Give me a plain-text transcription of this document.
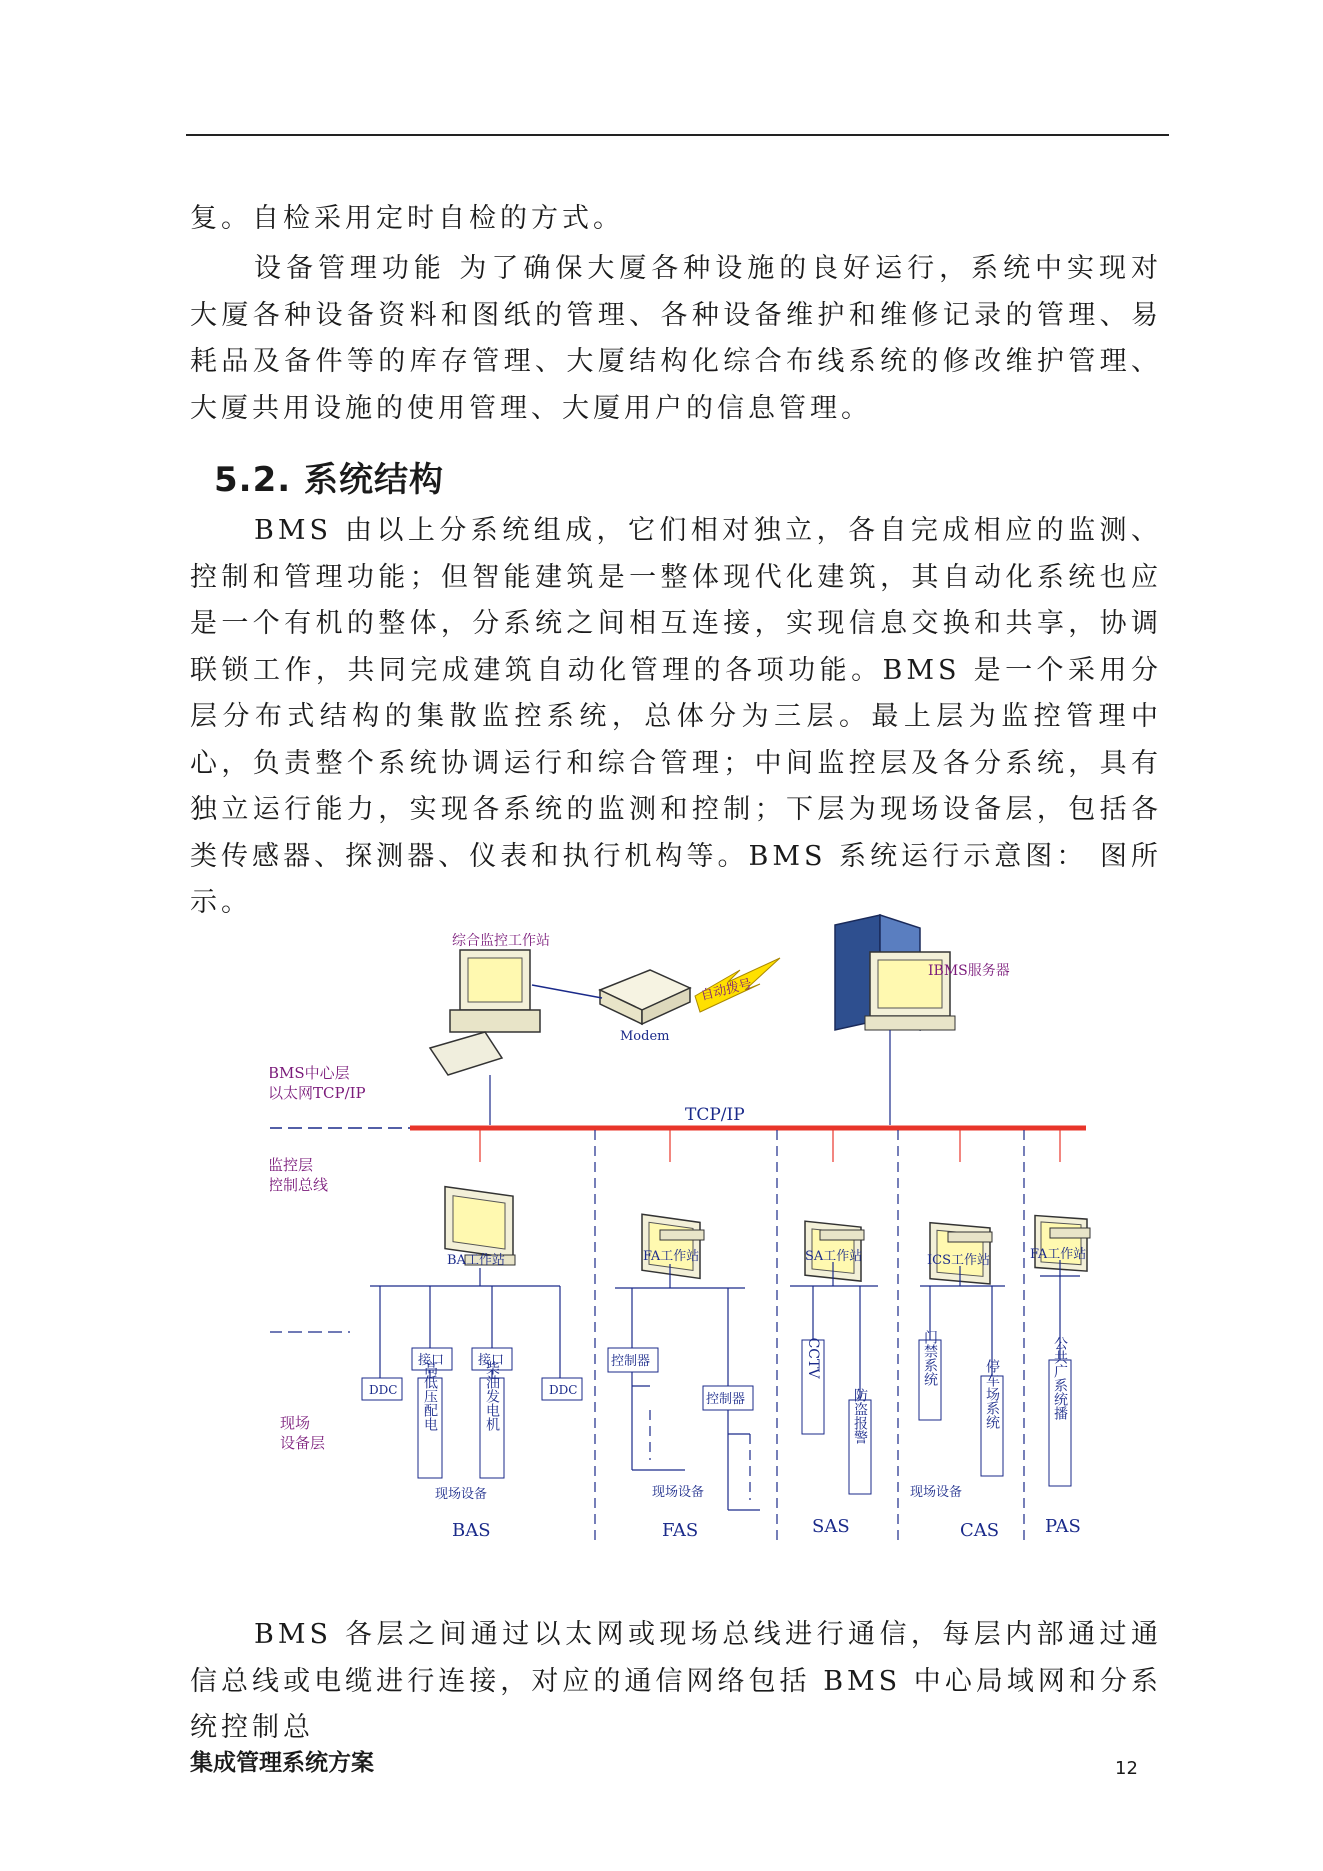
复。自检采用定时自检的方式。

设备管理功能 为了确保大厦各种设施的良好运行，系统中实现对大厦各种设备资料和图纸的管理、各种设备维护和维修记录的管理、易耗品及备件等的库存管理、大厦结构化综合布线系统的修改维护管理、大厦共用设施的使用管理、大厦用户的信息管理。

5.2. 系统结构

BMS 由以上分系统组成，它们相对独立，各自完成相应的监测、控制和管理功能；但智能建筑是一整体现代化建筑，其自动化系统也应是一个有机的整体，分系统之间相互连接，实现信息交换和共享，协调联锁工作，共同完成建筑自动化管理的各项功能。BMS 是一个采用分层分布式结构的集散监控系统，总体分为三层。最上层为监控管理中心，负责整个系统协调运行和综合管理；中间监控层及各分系统，具有独立运行能力，实现各系统的监测和控制；下层为现场设备层，包括各类传感器、探测器、仪表和执行机构等。BMS 系统运行示意图： 图所示。

综合监控工作站
Modem
自动拨号
IBMS服务器
BMS中心层
以太网TCP/IP
监控层
控制总线
现场
设备层
TCP/IP
BA工作站	FA工作站	SA工作站	ICS工作站	FA工作站
DDC
接口	接口
DDC
高低压配电	柴油发电机
现场设备
控制器
控制器
现场设备
CCTV
防盗报警
门禁系统
停车场系统
现场设备
公共广系统播
BAS	FAS	SAS	CAS	PAS

BMS 各层之间通过以太网或现场总线进行通信，每层内部通过通信总线或电缆进行连接，对应的通信网络包括 BMS 中心局域网和分系统控制总

集成管理系统方案	12
